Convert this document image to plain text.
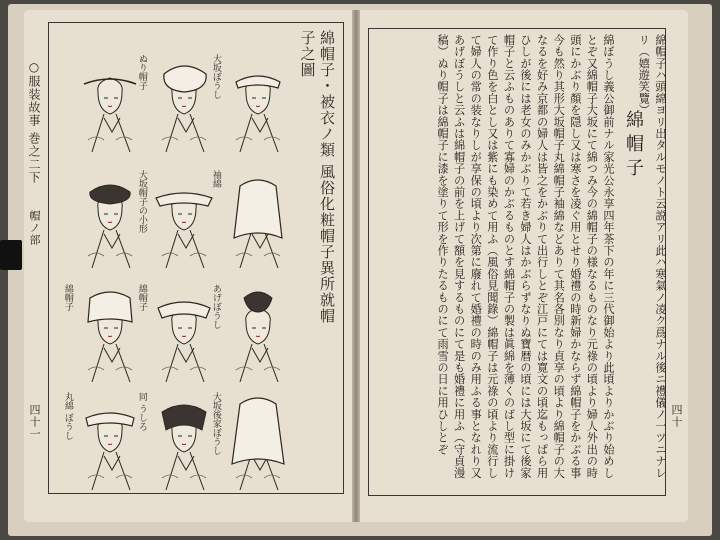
○服装故事 巻之二下
帽ノ部
四十一	四十
綿帽子・被衣ノ類 風俗化粧帽子異所就帽子之圖
大坂ぼうし
ぬり帽子
袖綿
大坂帽子の小形
あげぼうし
綿帽子
綿帽子
大坂後家ぼうし
同 うしろ
丸綿 ぼうし
綿帽子 綿帽子ハ頭綿ヨリ出タルモノト云説アリ此ハ寒氣ノ凌ク爲ナル後ニ禮儀ノ一ツニナレリ（嬉遊笑覽）

綿ぼうし義公御前ナル家光公永享四年茶下の年に三代御始より此頃よりかぶり始めしとぞ又綿帽子大坂にて綿つみ今の綿帽子の様なるものなり元祿の頃より婦人外出の時頭にかぶり顏を隠し又は寒さを凌ぐ用とせり婚禮の時新婦かならず綿帽子をかぶる事今も然り其形大坂帽子丸綿帽子袖綿などありて其名各別なり貞享の頃より綿帽子の大なるを好み京都の婦人は皆之をかぶりて出行しとぞ江戸にては寛文の頃迄もっぱら用ひしが後には老女のみかぶりて若き婦人はかぶらずなりぬ寶暦の頃には大坂にて後家帽子と云ふものありて寡婦のかぶるものとす綿帽子の製は眞綿を薄くのばし型に掛けて作り色を白とし又は紫にも染めて用ふ（風俗見聞錄）綿帽子は元祿の頃より流行して婦人の常の装なりしが享保の頃より次第に廢れて婚禮の時のみ用ふる事となれり又あげぼうしと云ふは綿帽子の前を上げて額を見するものにて是も婚禮に用ふ（守貞漫稿）ぬり帽子は綿帽子に漆を塗りて形を作りたるものにて雨雪の日に用ひしとぞ
